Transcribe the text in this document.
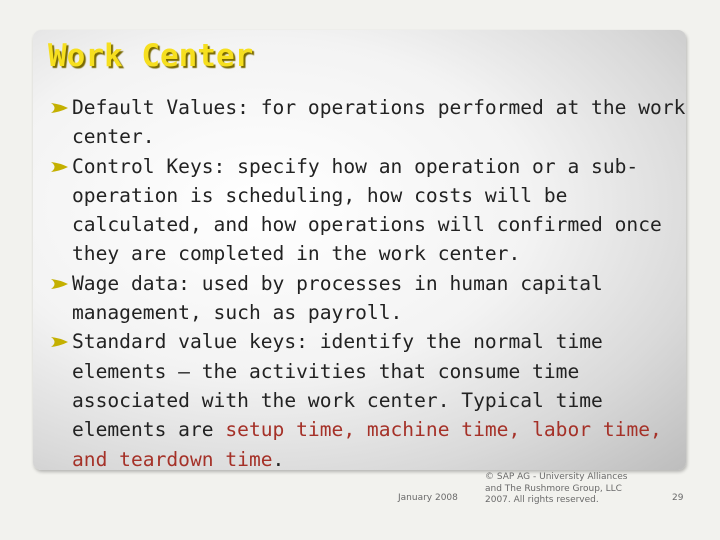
Work Center

Default Values: for operations performed at the work center.

Control Keys: specify how an operation or a sub-operation is scheduling, how costs will be calculated, and how operations will confirmed once they are completed in the work center.

Wage data: used by processes in human capital management, such as payroll.

Standard value keys: identify the normal time elements – the activities that consume time associated with the work center. Typical time elements are setup time, machine time, labor time, and teardown time.

January 2008
© SAP AG - University Alliances
and The Rushmore Group, LLC
2007. All rights reserved.	29
